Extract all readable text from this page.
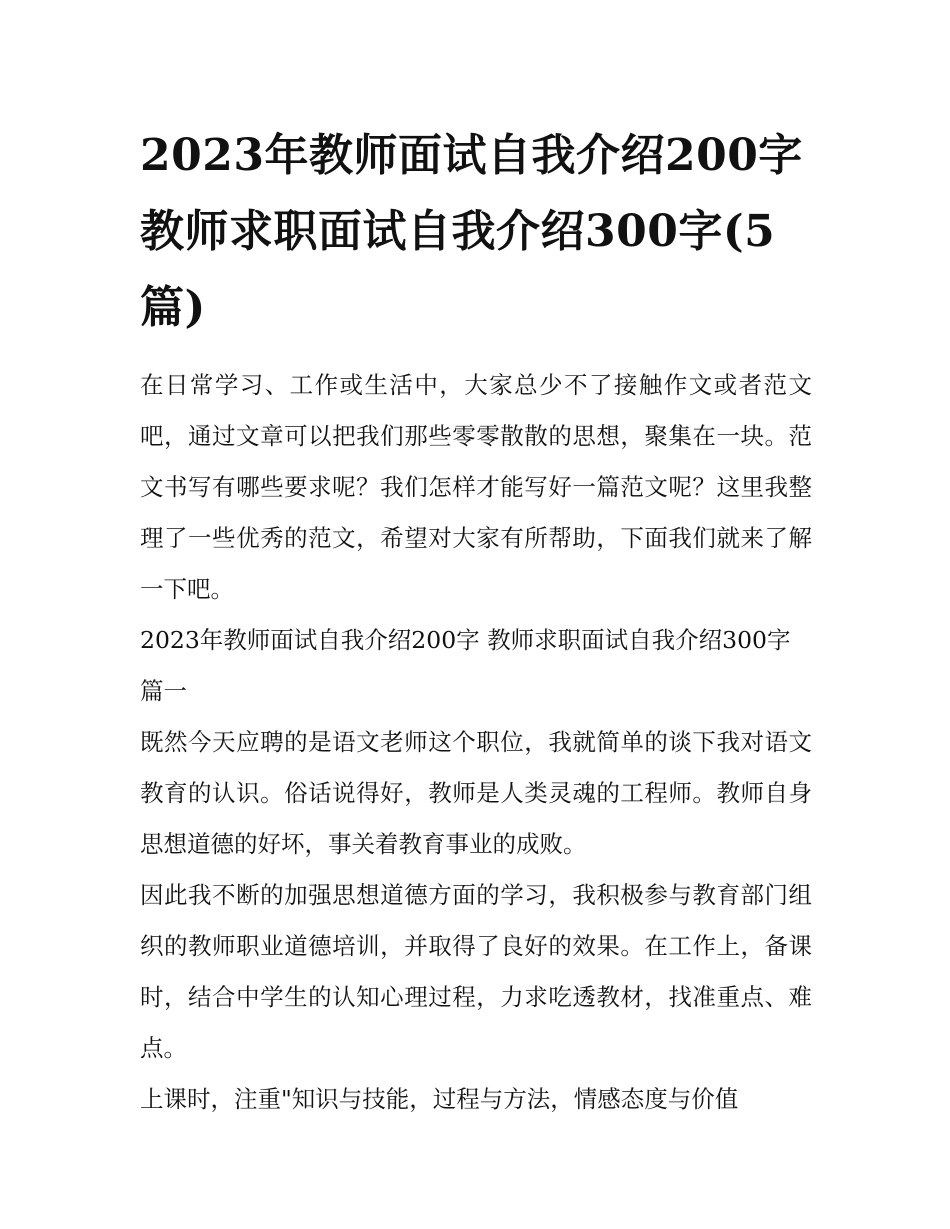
2023年教师面试自我介绍200字 教师求职面试自我介绍300字(5篇)

在日常学习、工作或生活中，大家总少不了接触作文或者范文吧，通过文章可以把我们那些零零散散的思想，聚集在一块。范文书写有哪些要求呢？我们怎样才能写好一篇范文呢？这里我整理了一些优秀的范文，希望对大家有所帮助，下面我们就来了解一下吧。

2023年教师面试自我介绍200字 教师求职面试自我介绍300字篇一

既然今天应聘的是语文老师这个职位，我就简单的谈下我对语文教育的认识。俗话说得好，教师是人类灵魂的工程师。教师自身思想道德的好坏，事关着教育事业的成败。

因此我不断的加强思想道德方面的学习，我积极参与教育部门组织的教师职业道德培训，并取得了良好的效果。在工作上，备课时，结合中学生的认知心理过程，力求吃透教材，找准重点、难点。

上课时，注重"知识与技能，过程与方法，情感态度与价值
